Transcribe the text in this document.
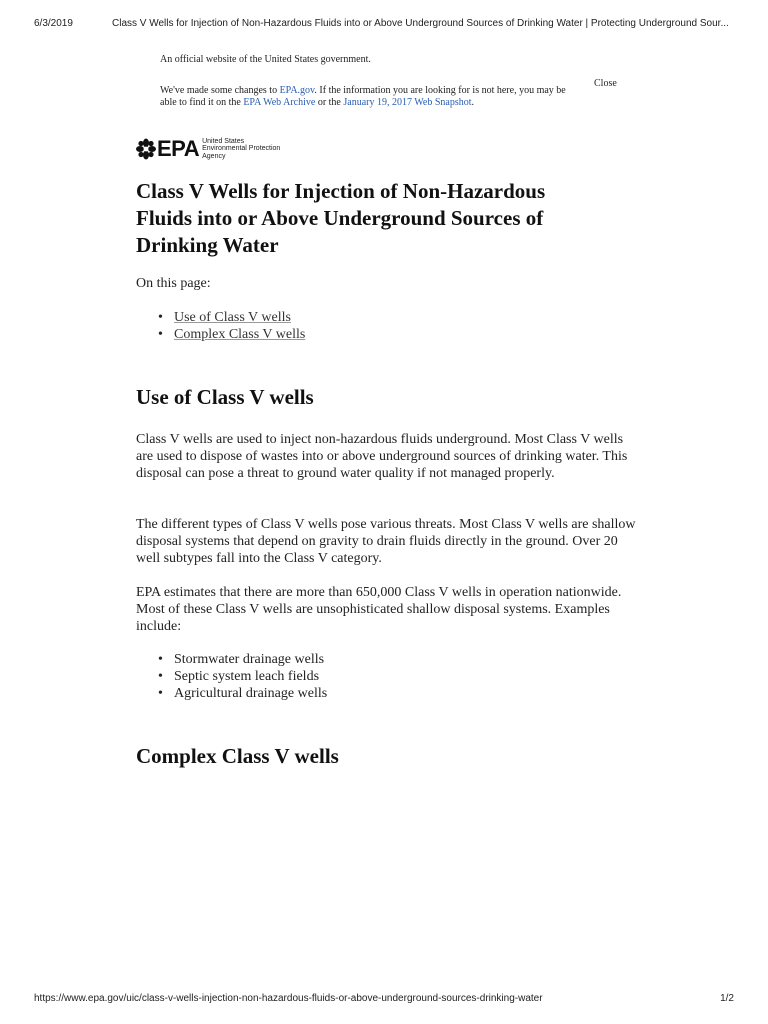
6/3/2019	Class V Wells for Injection of Non-Hazardous Fluids into or Above Underground Sources of Drinking Water | Protecting Underground Sour...
An official website of the United States government.
We've made some changes to EPA.gov. If the information you are looking for is not here, you may be able to find it on the EPA Web Archive or the January 19, 2017 Web Snapshot.
Close
EPA United States
Environmental Protection
Agency
Class V Wells for Injection of Non-Hazardous Fluids into or Above Underground Sources of Drinking Water
On this page:
• Use of Class V wells
• Complex Class V wells
Use of Class V wells

Class V wells are used to inject non-hazardous fluids underground. Most Class V wells are used to dispose of wastes into or above underground sources of drinking water. This disposal can pose a threat to ground water quality if not managed properly.

The different types of Class V wells pose various threats. Most Class V wells are shallow disposal systems that depend on gravity to drain fluids directly in the ground. Over 20 well subtypes fall into the Class V category.

EPA estimates that there are more than 650,000 Class V wells in operation nationwide. Most of these Class V wells are unsophisticated shallow disposal systems. Examples include:

• Stormwater drainage wells
• Septic system leach fields
• Agricultural drainage wells
Complex Class V wells
https://www.epa.gov/uic/class-v-wells-injection-non-hazardous-fluids-or-above-underground-sources-drinking-water	1/2
